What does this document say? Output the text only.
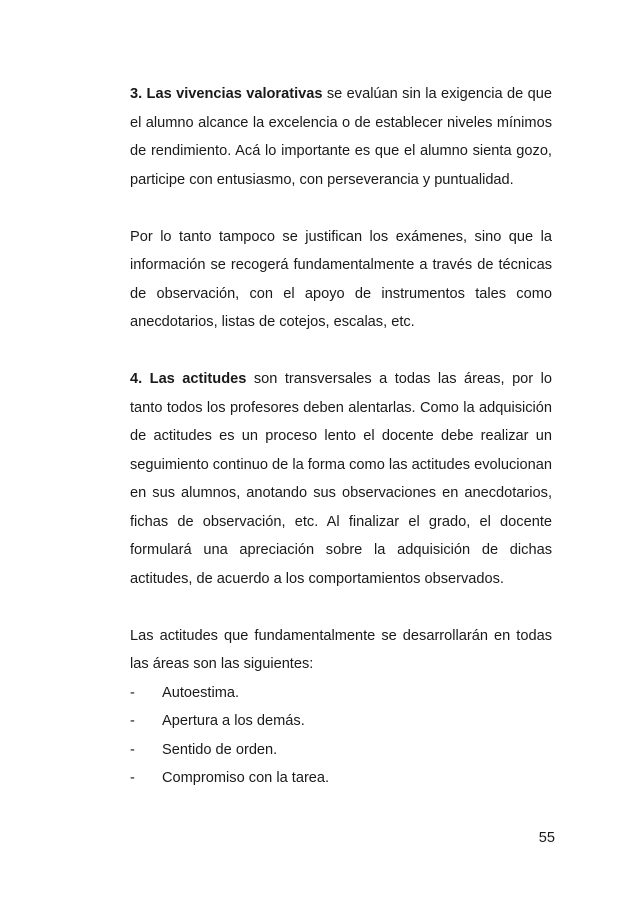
3. Las vivencias valorativas se evalúan sin la exigencia de que el alumno alcance la excelencia o de establecer niveles mínimos de rendimiento. Acá lo importante es que el alumno sienta gozo, participe con entusiasmo, con perseverancia y puntualidad.

Por lo tanto tampoco se justifican los exámenes, sino que la información se recogerá fundamentalmente a través de técnicas de observación, con el apoyo de instrumentos tales como anecdotarios, listas de cotejos, escalas, etc.

4. Las actitudes son transversales a todas las áreas, por lo tanto todos los profesores deben alentarlas. Como la adquisición de actitudes es un proceso lento el docente debe realizar un seguimiento continuo de la forma como las actitudes evolucionan en sus alumnos, anotando sus observaciones en anecdotarios, fichas de observación, etc. Al finalizar el grado, el docente formulará una apreciación sobre la adquisición de dichas actitudes, de acuerdo a los comportamientos observados.

Las actitudes que fundamentalmente se desarrollarán en todas las áreas son las siguientes:

-	Autoestima.
-	Apertura a los demás.
-	Sentido de orden.
-	Compromiso con la tarea.
55
